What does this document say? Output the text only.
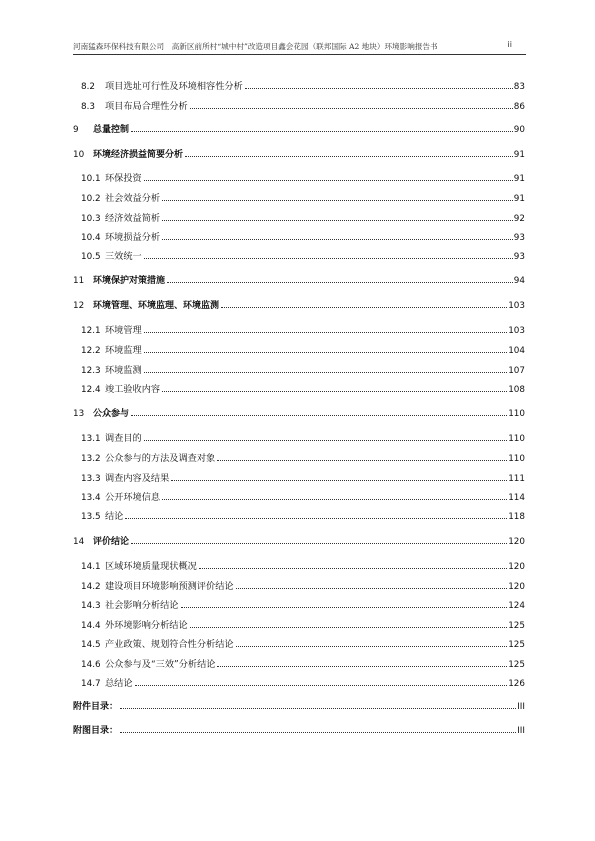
河南猛森环保科技有限公司　高新区前所村“城中村”改造项目鑫会花园（联邦国际 A2 地块）环境影响报告书	ii
8.2	项目选址可行性及环境相容性分析	83
8.3	项目布局合理性分析	86
9	总量控制	90
10 环境经济损益简要分析	91
10.1 环保投资	91
10.2 社会效益分析	91
10.3 经济效益简析	92
10.4 环境损益分析	93
10.5 三效统一	93
11 环境保护对策措施	94
12 环境管理、环境监理、环境监测	103
12.1 环境管理	103
12.2 环境监理	104
12.3 环境监测	107
12.4 竣工验收内容	108
13 公众参与	110
13.1 调查目的	110
13.2 公众参与的方法及调查对象	110
13.3 调查内容及结果	111
13.4 公开环境信息	114
13.5 结论	118
14 评价结论	120
14.1 区域环境质量现状概况	120
14.2 建设项目环境影响预测评价结论	120
14.3 社会影响分析结论	124
14.4 外环境影响分析结论	125
14.5 产业政策、规划符合性分析结论	125
14.6 公众参与及“三效”分析结论	125
14.7 总结论	126
附件目录：	III
附图目录：	III
